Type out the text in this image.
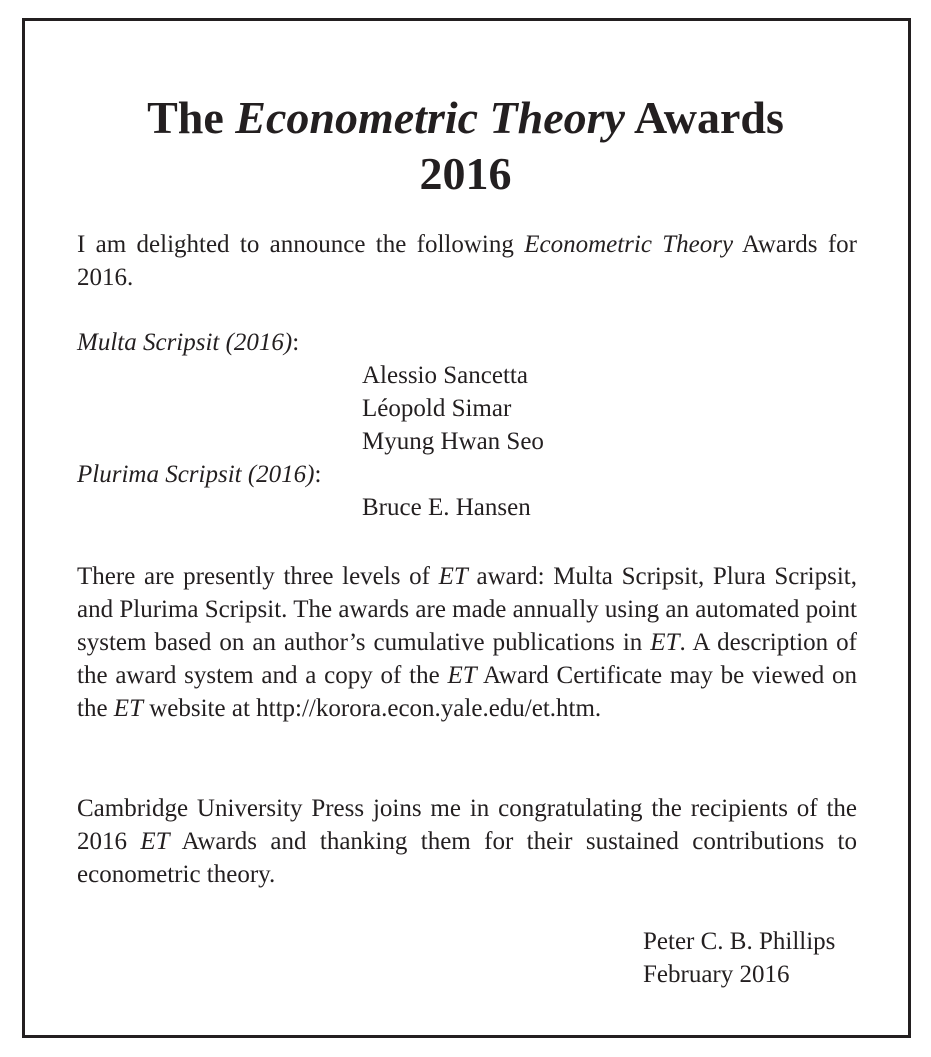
The Econometric Theory Awards
2016

I am delighted to announce the following Econometric Theory Awards for 2016.

Multa Scripsit (2016):
Alessio Sancetta
Léopold Simar
Myung Hwan Seo
Plurima Scripsit (2016):
Bruce E. Hansen

There are presently three levels of ET award: Multa Scripsit, Plura Scripsit, and Plurima Scripsit. The awards are made annually using an automated point system based on an author’s cumulative publications in ET. A description of the award system and a copy of the ET Award Certificate may be viewed on the ET website at http://korora.econ.yale.edu/et.htm.

Cambridge University Press joins me in congratulating the recipients of the 2016 ET Awards and thanking them for their sustained contributions to econometric theory.

Peter C. B. Phillips
February 2016
